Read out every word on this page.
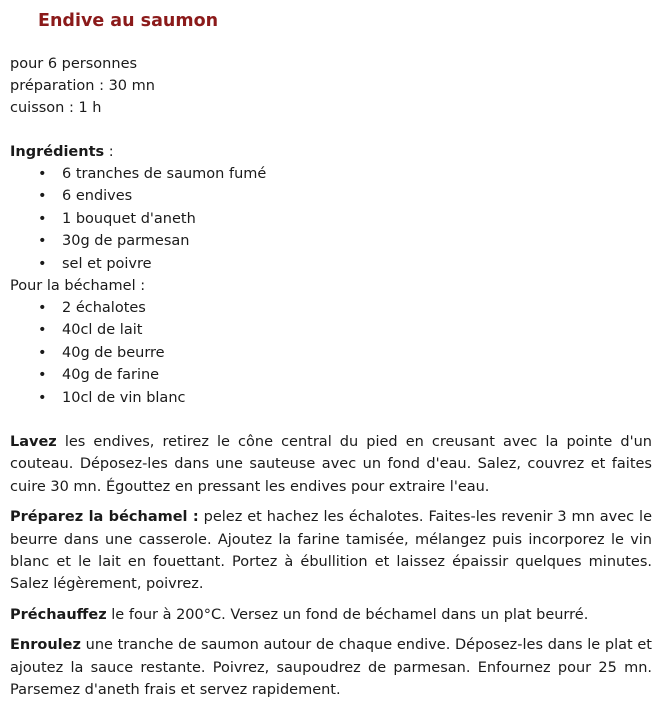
Endive au saumon
pour 6 personnes
préparation : 30 mn
cuisson : 1 h
Ingrédients :
• 6 tranches de saumon fumé
• 6 endives
• 1 bouquet d'aneth
• 30g de parmesan
• sel et poivre
Pour la béchamel :
• 2 échalotes
• 40cl de lait
• 40g de beurre
• 40g de farine
• 10cl de vin blanc

Lavez les endives, retirez le cône central du pied en creusant avec la pointe d'un couteau. Déposez-les dans une sauteuse avec un fond d'eau. Salez, couvrez et faites cuire 30 mn. Égouttez en pressant les endives pour extraire l'eau.

Préparez la béchamel : pelez et hachez les échalotes. Faites-les revenir 3 mn avec le beurre dans une casserole. Ajoutez la farine tamisée, mélangez puis incorporez le vin blanc et le lait en fouettant. Portez à ébullition et laissez épaissir quelques minutes. Salez légèrement, poivrez.

Préchauffez le four à 200°C. Versez un fond de béchamel dans un plat beurré.

Enroulez une tranche de saumon autour de chaque endive. Déposez-les dans le plat et ajoutez la sauce restante. Poivrez, saupoudrez de parmesan. Enfournez pour 25 mn. Parsemez d'aneth frais et servez rapidement.
